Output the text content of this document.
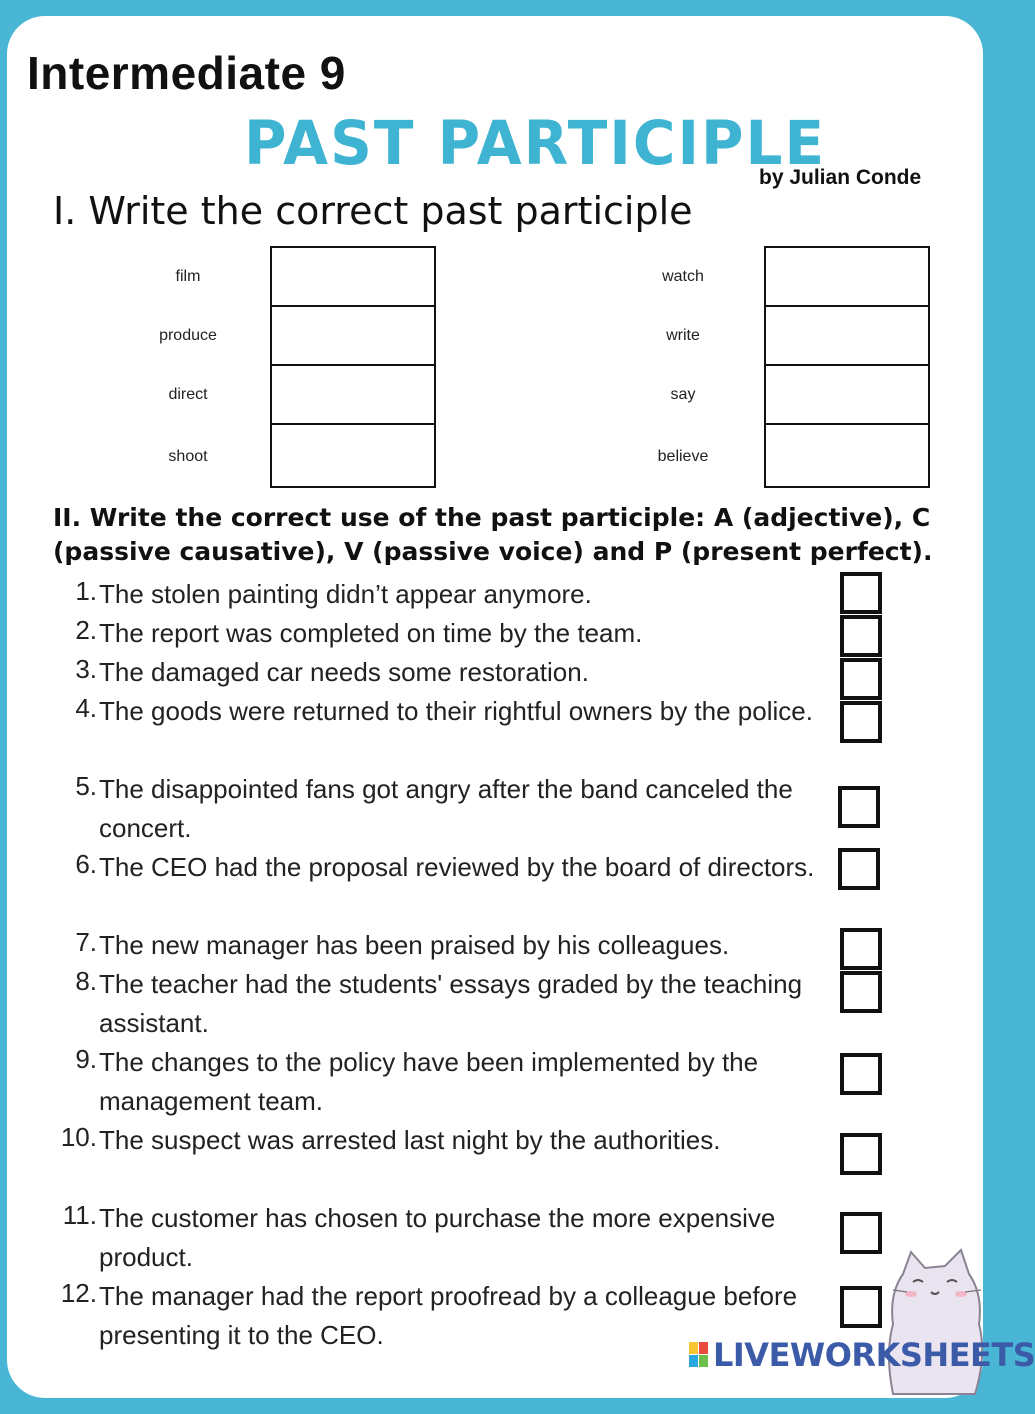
Intermediate 9
PAST PARTICIPLE
by Julian Conde
I. Write the correct past participle
film
produce
direct
shoot
watch
write
say
believe
II. Write the correct use of the past participle: A (adjective), C (passive causative), V (passive voice) and P (present perfect).
1. The stolen painting didn’t appear anymore.
2. The report was completed on time by the team.
3. The damaged car needs some restoration.
4. The goods were returned to their rightful owners by the police.
5. The disappointed fans got angry after the band canceled the concert.
6. The CEO had the proposal reviewed by the board of directors.
7. The new manager has been praised by his colleagues.
8. The teacher had the students' essays graded by the teaching assistant.
9. The changes to the policy have been implemented by the management team.
10. The suspect was arrested last night by the authorities.
11. The customer has chosen to purchase the more expensive product.
12. The manager had the report proofread by a colleague before presenting it to the CEO.
LIVEWORKSHEETS
